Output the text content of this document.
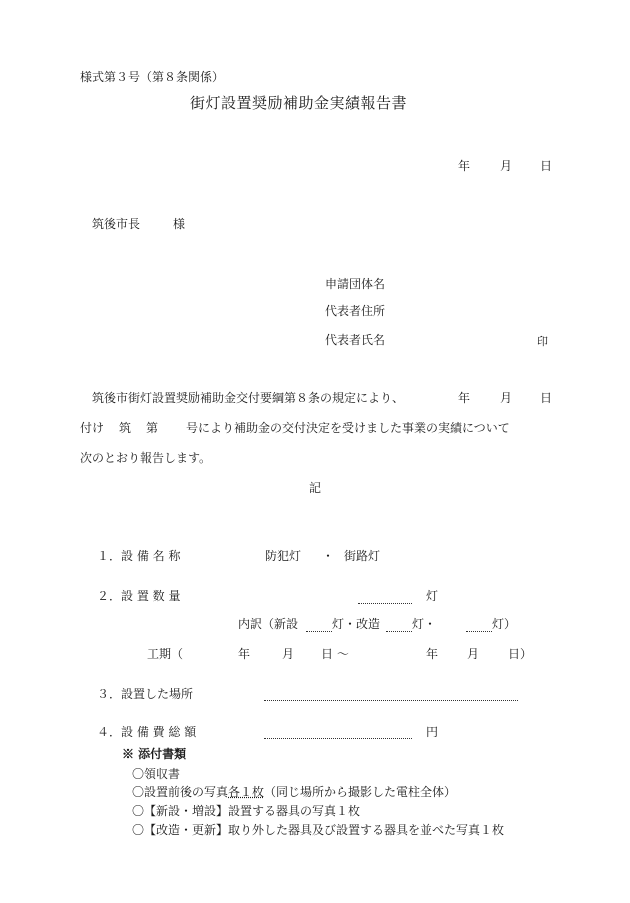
様式第３号（第８条関係）
街灯設置奨励補助金実績報告書
年 月 日
筑後市長	様
申請団体名
代表者住所
代表者氏名	印
筑後市街灯設置奨励補助金交付要綱第８条の規定により、	年 月 日
付け 筑 第 号により補助金の交付決定を受けました事業の実績について
次のとおり報告します。
記
１．設 備 名 称	防犯灯 ・ 街路灯
２．設 置 数 量	灯
内訳（新設	灯・改造	灯・	灯）
工期（	年	月 日 〜	年 月 日）
３．設置した場所
４．設 備 費 総 額	円
※ 添付書類
〇領収書
〇設置前後の写真各１枚（同じ場所から撮影した電柱全体）
〇【新設・増設】設置する器具の写真１枚
〇【改造・更新】取り外した器具及び設置する器具を並べた写真１枚
